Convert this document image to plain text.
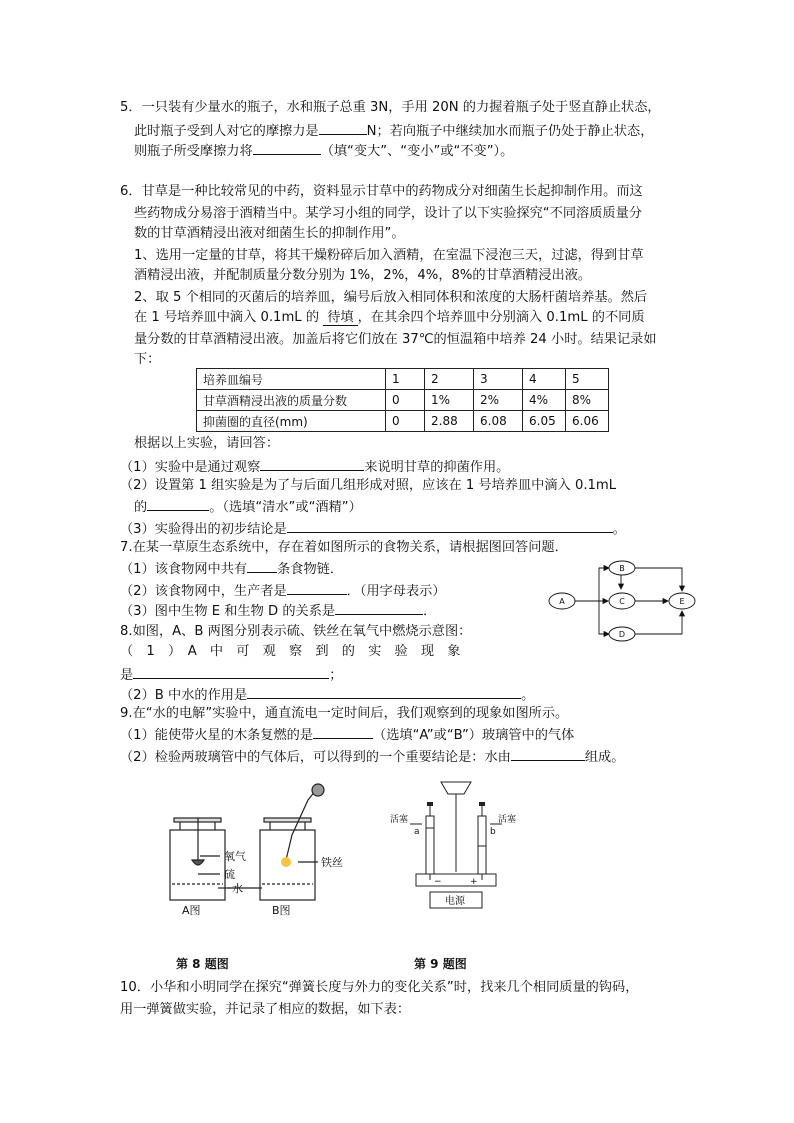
5．一只装有少量水的瓶子，水和瓶子总重 3N，手用 20N 的力握着瓶子处于竖直静止状态，
此时瓶子受到人对它的摩擦力是	N；若向瓶子中继续加水而瓶子仍处于静止状态，
则瓶子所受摩擦力将	（填“变大”、“变小”或“不变”）。
6．甘草是一种比较常见的中药，资料显示甘草中的药物成分对细菌生长起抑制作用。而这
些药物成分易溶于酒精当中。某学习小组的同学，设计了以下实验探究“不同溶质质量分
数的甘草酒精浸出液对细菌生长的抑制作用”。
1、选用一定量的甘草，将其干燥粉碎后加入酒精，在室温下浸泡三天，过滤，得到甘草
酒精浸出液，并配制质量分数分别为 1%，2%，4%，8%的甘草酒精浸出液。
2、取 5 个相同的灭菌后的培养皿，编号后放入相同体积和浓度的大肠杆菌培养基。然后
在 1 号培养皿中滴入 0.1mL 的 待填 ，在其余四个培养皿中分别滴入 0.1mL 的不同质
量分数的甘草酒精浸出液。加盖后将它们放在 37℃的恒温箱中培养 24 小时。结果记录如
下：
培养皿编号	1	2	3	4	5
甘草酒精浸出液的质量分数	0	1%	2%	4%	8%
抑菌圈的直径(mm)	0	2.88	6.08	6.05	6.06
根据以上实验，请回答：
（1）实验中是通过观察	来说明甘草的抑菌作用。
（2）设置第 1 组实验是为了与后面几组形成对照，应该在 1 号培养皿中滴入 0.1mL
的	。（选填“清水”或“酒精”）
（3）实验得出的初步结论是	。
7.在某一草原生态系统中，存在着如图所示的食物关系，请根据图回答问题．
（1）该食物网中共有 条食物链．
（2）该食物网中，生产者是	．（用字母表示）
（3）图中生物 E 和生物 D 的关系是	．
A
B
C
D
E
8.如图，A、B 两图分别表示硫、铁丝在氧气中燃烧示意图：
（　1　）　A　中　可　观　察　到　的　实　验　现　象
是	；
（2）B 中水的作用是	。
9.在“水的电解”实验中，通直流电一定时间后，我们观察到的现象如图所示。
（1）能使带火星的木条复燃的是	（选填“A”或“B”）玻璃管中的气体
（2）检验两玻璃管中的气体后，可以得到的一个重要结论是：水由	组成。
氧气
硫
水
铁丝
A图	B图
活塞	活塞
a	b
−	+
电源
第 8 题图	第 9 题图
10．小华和小明同学在探究“弹簧长度与外力的变化关系”时，找来几个相同质量的钩码，
用一弹簧做实验，并记录了相应的数据，如下表：
